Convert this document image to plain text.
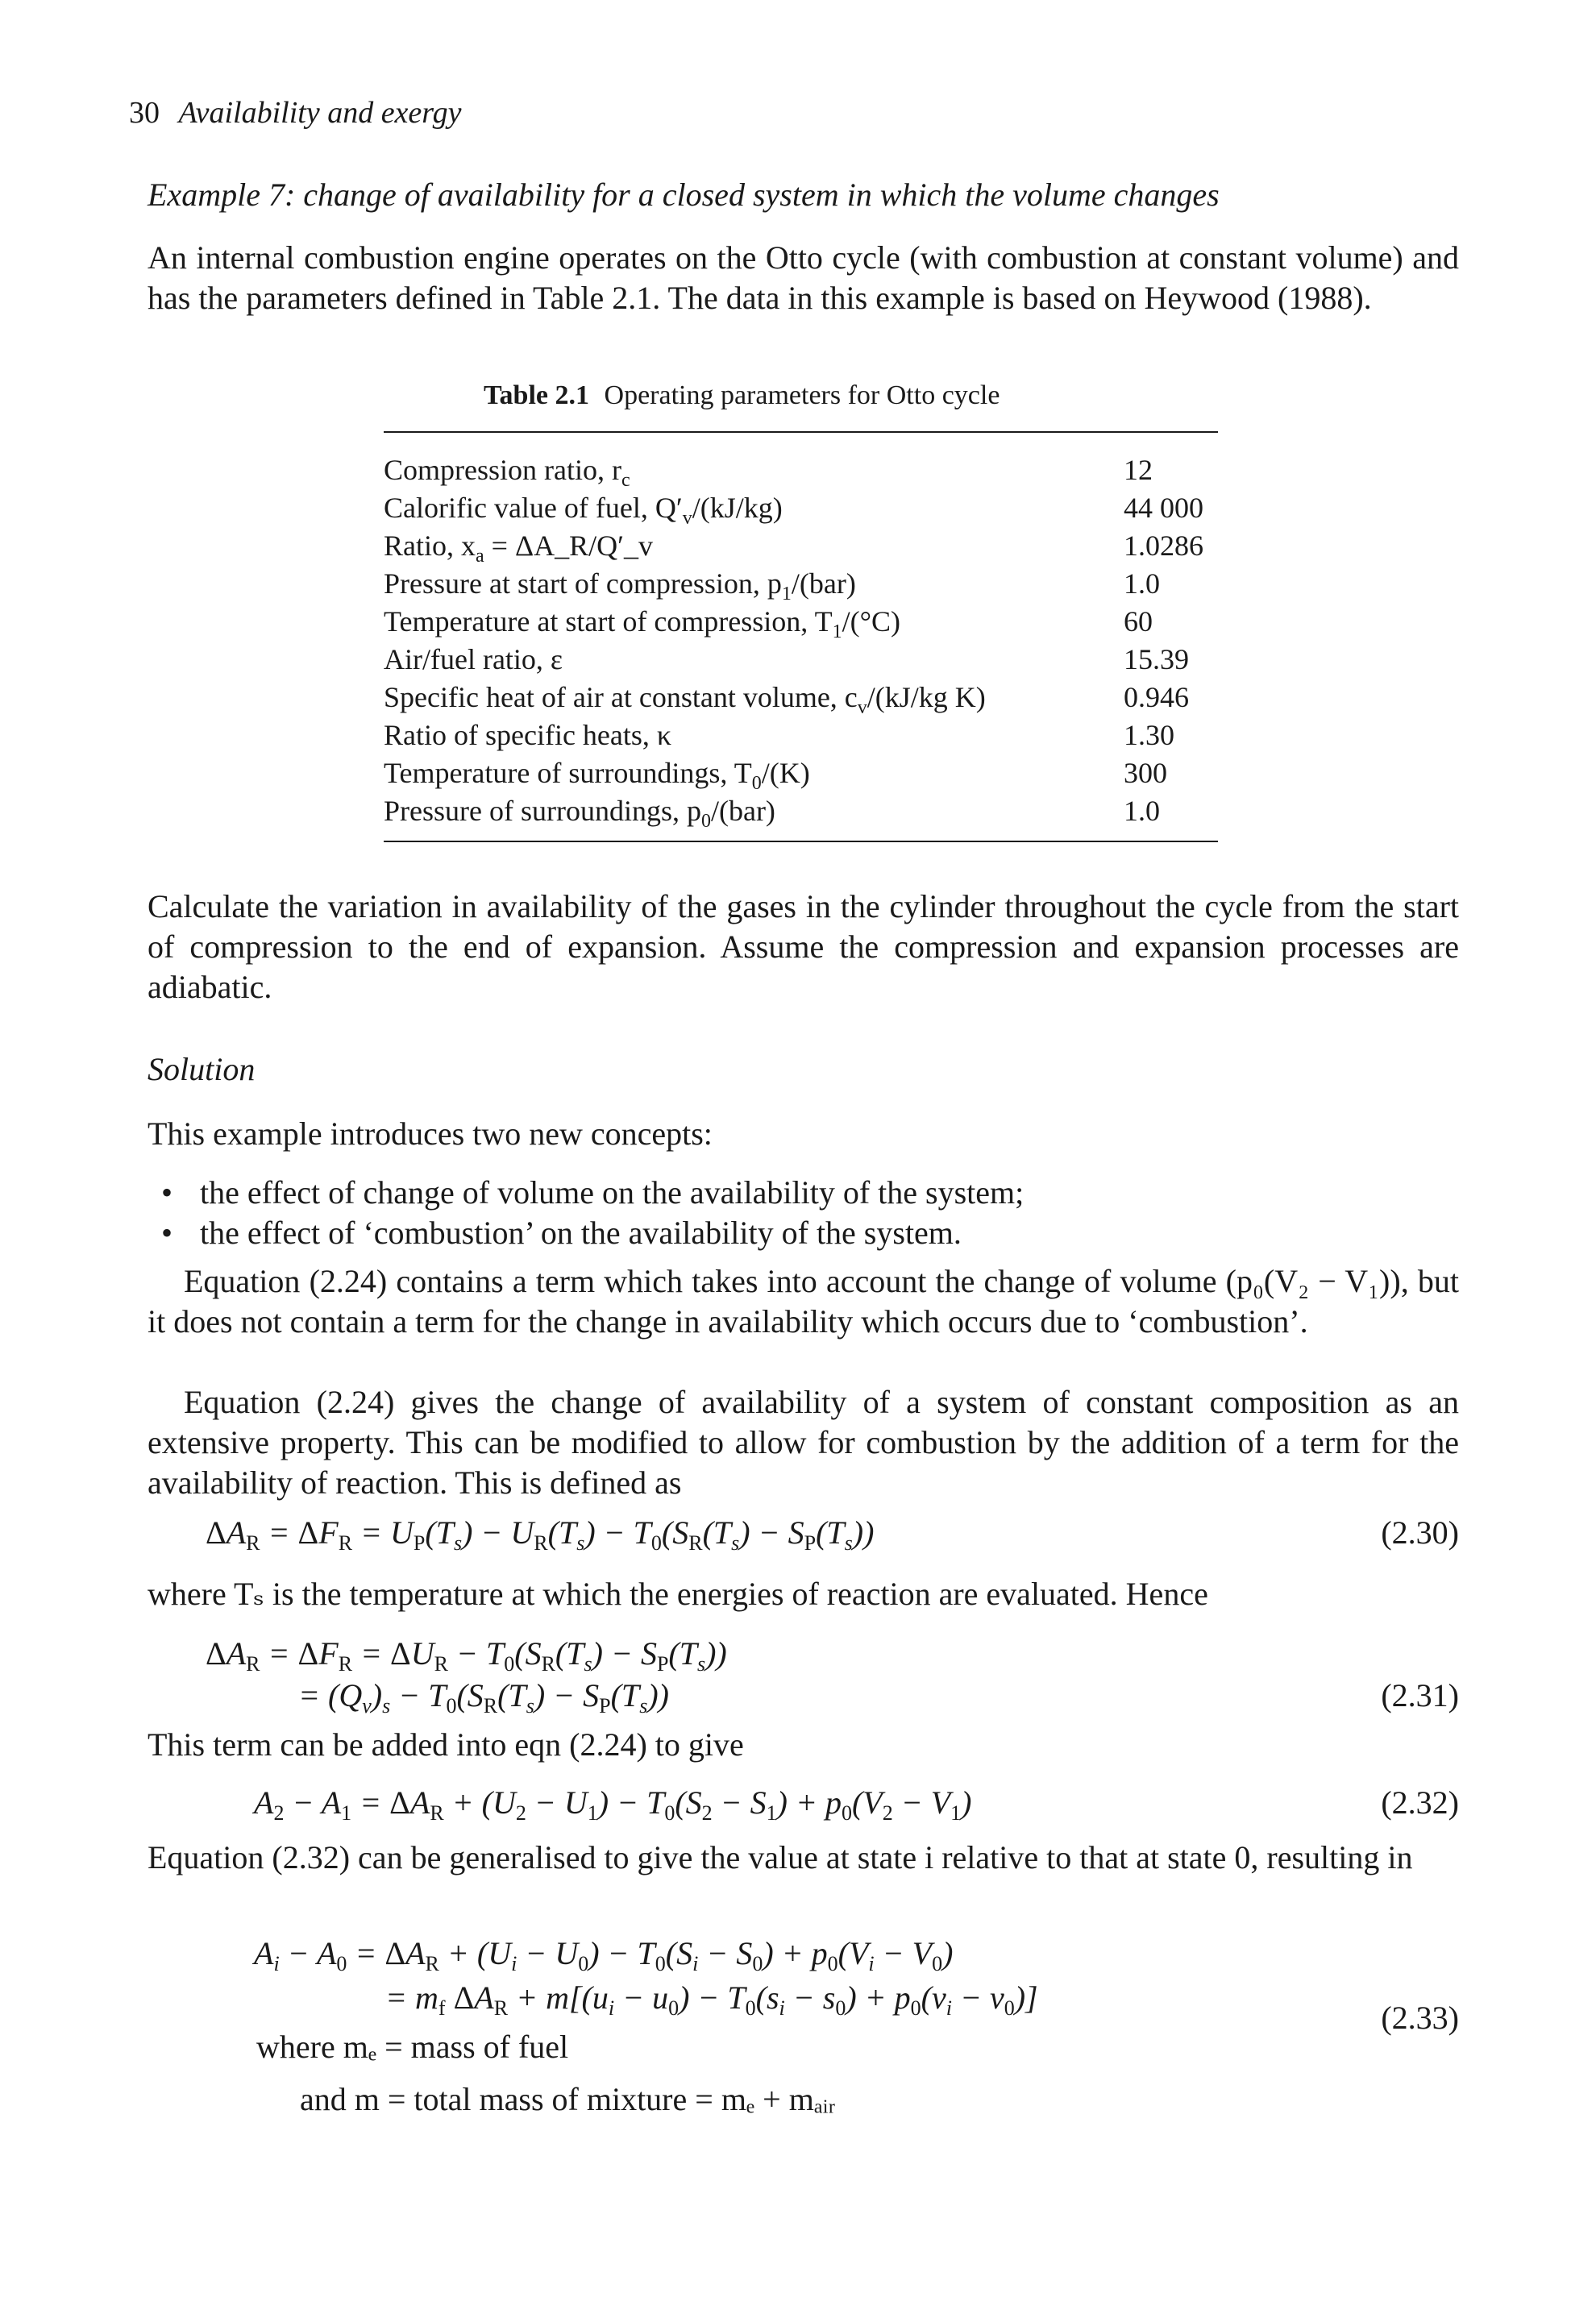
30 Availability and exergy
Example 7: change of availability for a closed system in which the volume changes
An internal combustion engine operates on the Otto cycle (with combustion at constant volume) and has the parameters defined in Table 2.1. The data in this example is based on Heywood (1988).
Table 2.1 Operating parameters for Otto cycle
Compression ratio, $r_c$	12
Calorific value of fuel, $Q'_v/(kJ/kg)$	44 000
Ratio, $x_a$ = ΔA_R/Q′_v	1.0286
Pressure at start of compression, $p_1/(bar)$	1.0
Temperature at start of compression, $T_1/(^\circ C)$	60
Air/fuel ratio, ε	15.39
Specific heat of air at constant volume, $c_v/(kJ/kg$ K)	0.946
Ratio of specific heats, κ	1.30
Temperature of surroundings, $T_0/(K)$	300
Pressure of surroundings, $p_0/(bar)$	1.0
Calculate the variation in availability of the gases in the cylinder throughout the cycle from the start of compression to the end of expansion. Assume the compression and expansion processes are adiabatic.
Solution
This example introduces two new concepts:
• the effect of change of volume on the availability of the system;
• the effect of ‘combustion’ on the availability of the system.
Equation (2.24) contains a term which takes into account the change of volume (p₀(V₂ − V₁)), but it does not contain a term for the change in availability which occurs due to ‘combustion’.
Equation (2.24) gives the change of availability of a system of constant composition as an extensive property. This can be modified to allow for combustion by the addition of a term for the availability of reaction. This is defined as
$\Delta A_R = \Delta F_R = U_P(T_s) - U_R(T_s) - T_0(S_R(T_s) - S_P(T_s))$	(2.30)
where Tₛ is the temperature at which the energies of reaction are evaluated. Hence
$\Delta A_R = \Delta F_R = \Delta U_R - T_0(S_R(T_s) - S_P(T_s))$
= $(Q_v)_s - T_0(S_R(T_s) - S_P(T_s))$	(2.31)
This term can be added into eqn (2.24) to give
$A_2 - A_1 = \Delta A_R + (U_2 - U_1) - T_0(S_2 - S_1) + p_0(V_2 - V_1)$	(2.32)
Equation (2.32) can be generalised to give the value at state i relative to that at state 0, resulting in
$A_i - A_0 = \Delta A_R + (U_i - U_0) - T_0(S_i - S_0) + p_0(V_i - V_0)$
= $m_f$ $\Delta A_R + m[(u_i - u_0) - T_0(s_i - s_0) + p_0(v_i - v_0)]$
(2.33)
where mₑ = mass of fuel
and m = total mass of mixture = mₑ + mₐᵢᵣ
